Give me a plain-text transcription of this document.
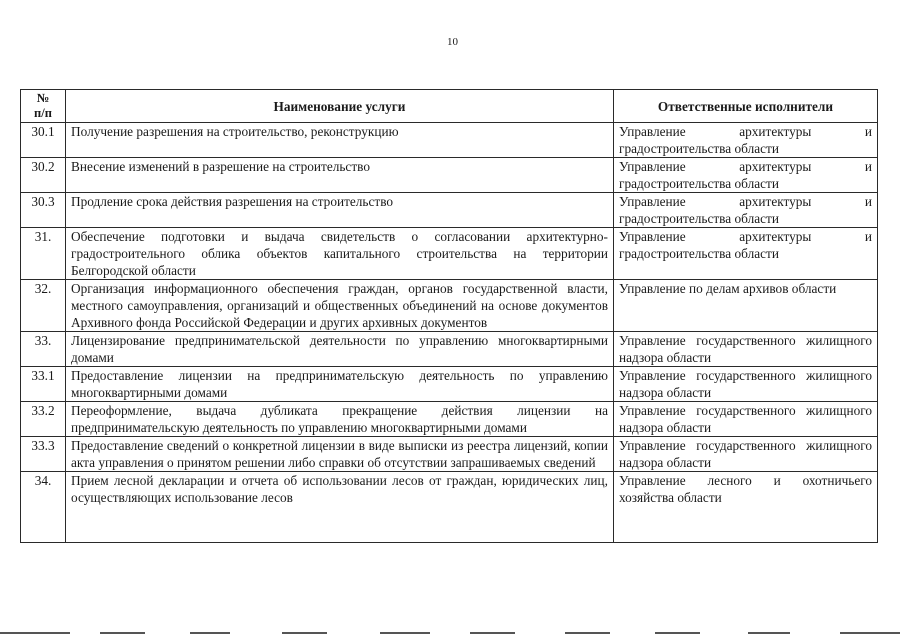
10
№
п/п	Наименование услуги	Ответственные исполнители
30.1	Получение разрешения на строительство, реконструкцию	Управление архитектуры и градостроительства области
30.2	Внесение изменений в разрешение на строительство	Управление архитектуры и градостроительства области
30.3	Продление срока действия разрешения на строительство	Управление архитектуры и градостроительства области
31.	Обеспечение подготовки и выдача свидетельств о согласовании архитектурно-градостроительного облика объектов капитального строительства на территории Белгородской области	Управление архитектуры и градостроительства области
32.	Организация информационного обеспечения граждан, органов государственной власти, местного самоуправления, организаций и общественных объединений на основе документов Архивного фонда Российской Федерации и других архивных документов	Управление по делам архивов области
33.	Лицензирование предпринимательской деятельности по управлению многоквартирными домами	Управление государственного жилищного надзора области
33.1	Предоставление лицензии на предпринимательскую деятельность по управлению многоквартирными домами	Управление государственного жилищного надзора области
33.2	Переоформление, выдача дубликата прекращение действия лицензии на предпринимательскую деятельность по управлению многоквартирными домами	Управление государственного жилищного надзора области
33.3	Предоставление сведений о конкретной лицензии в виде выписки из реестра лицензий, копии акта управления о принятом решении либо справки об отсутствии запрашиваемых сведений	Управление государственного жилищного надзора области
34.	Прием лесной декларации и отчета об использовании лесов от граждан, юридических лиц, осуществляющих использование лесов	Управление лесного и охотничьего хозяйства области
